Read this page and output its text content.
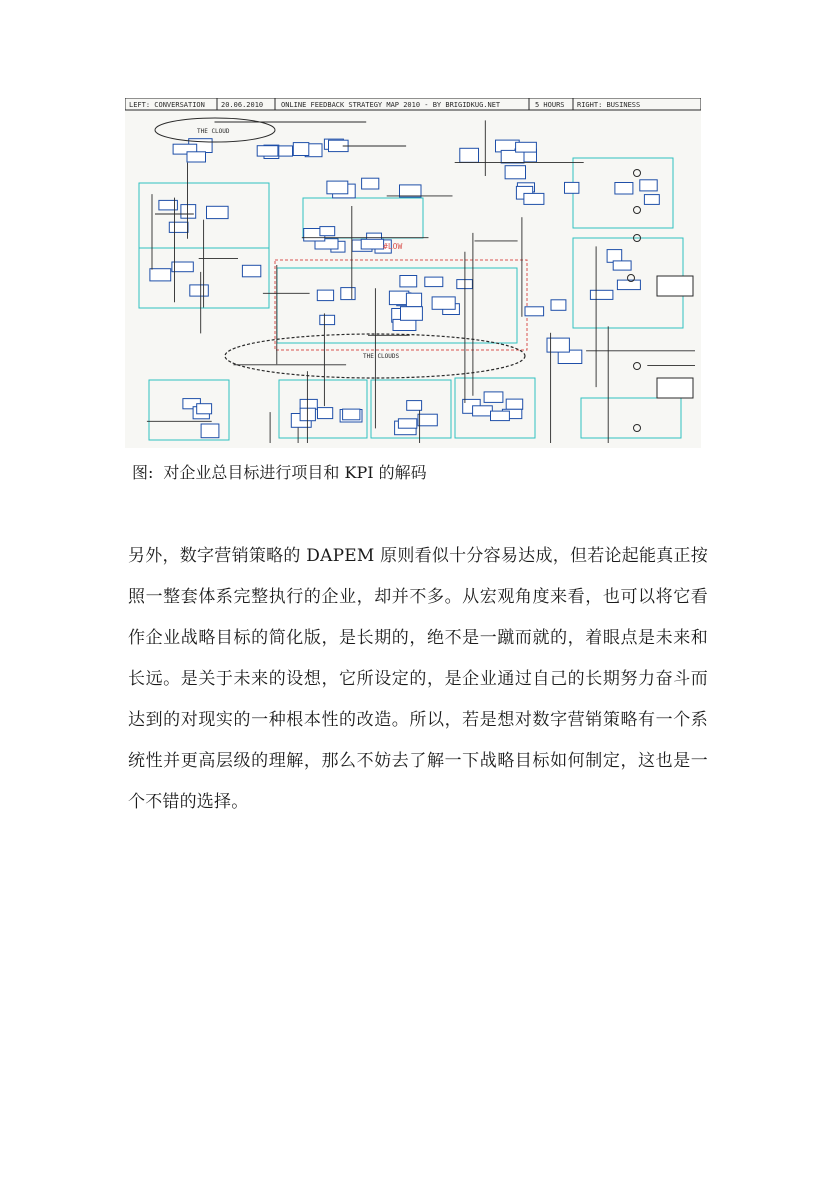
LEFT: CONVERSATION 20.06.2010	ONLINE FEEDBACK STRATEGY MAP 2010 - BY BRIGIDKUG.NET	5 HOURS RIGHT: BUSINESS
THE CLOUD
THE CLOUDS
#LOW
图: 对企业总目标进行项目和 KPI 的解码
另外，数字营销策略的 DAPEM 原则看似十分容易达成，但若论起能真正按照一整套体系完整执行的企业，却并不多。从宏观角度来看，也可以将它看作企业战略目标的简化版，是长期的，绝不是一蹴而就的，着眼点是未来和长远。是关于未来的设想，它所设定的，是企业通过自己的长期努力奋斗而达到的对现实的一种根本性的改造。所以，若是想对数字营销策略有一个系统性并更高层级的理解，那么不妨去了解一下战略目标如何制定，这也是一个不错的选择。
